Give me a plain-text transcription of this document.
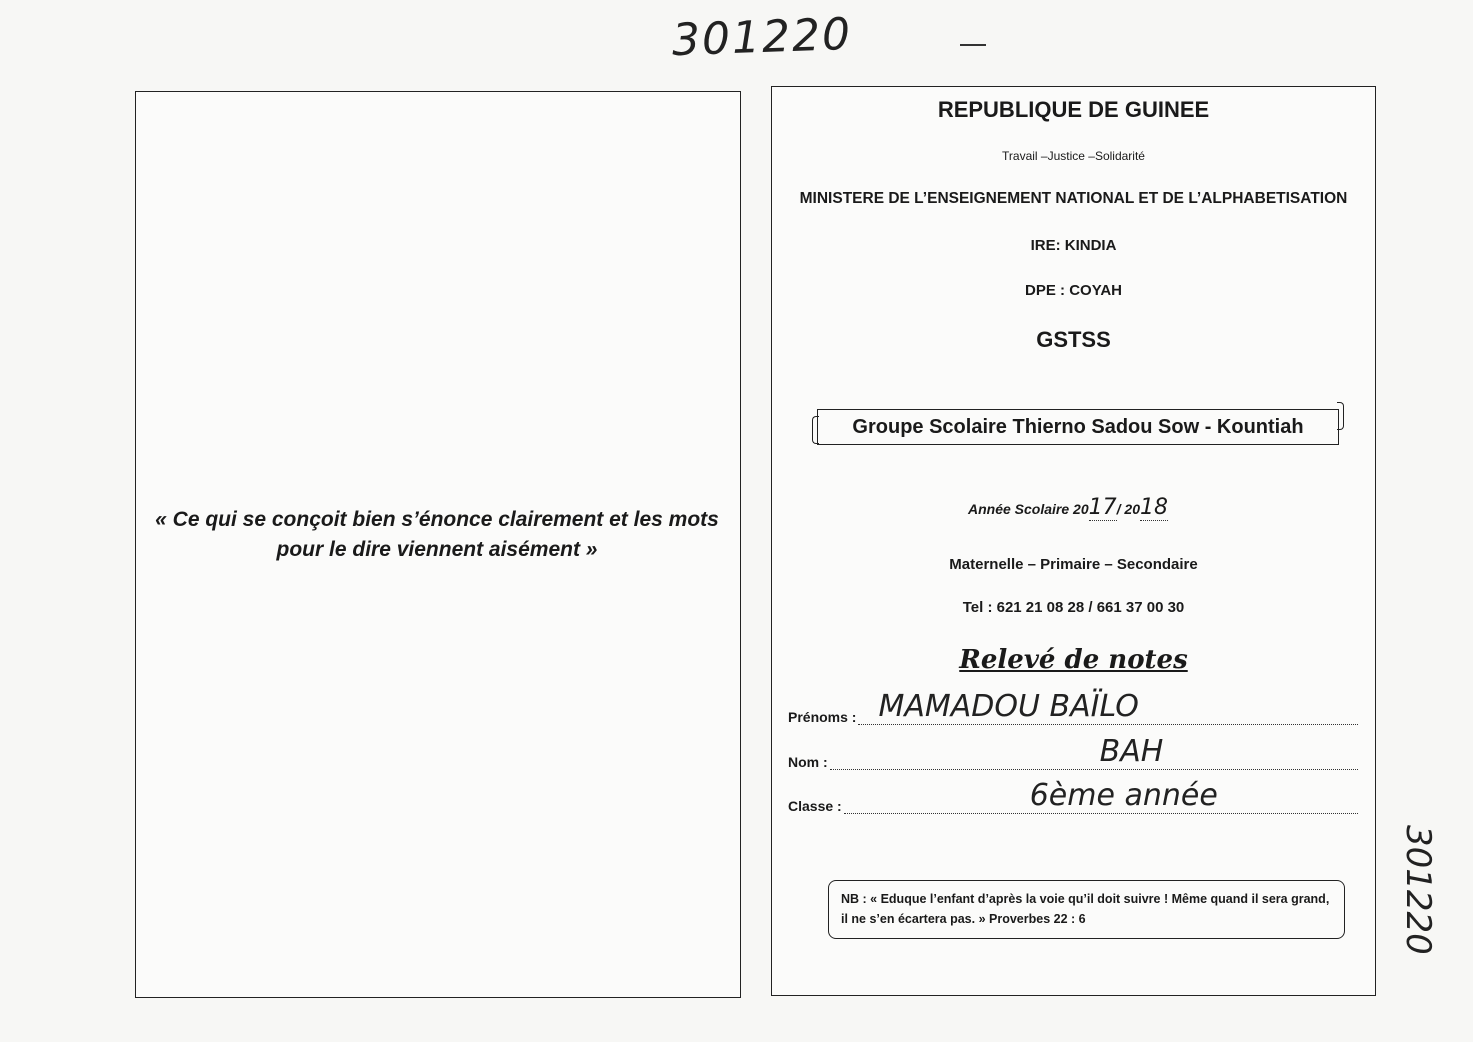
301220
301220
« Ce qui se conçoit bien s’énonce clairement et les mots pour le dire viennent aisément »
REPUBLIQUE DE GUINEE
Travail –Justice –Solidarité
MINISTERE DE L’ENSEIGNEMENT NATIONAL ET DE L’ALPHABETISATION
IRE: KINDIA
DPE : COYAH
GSTSS
Groupe Scolaire Thierno Sadou Sow - Kountiah
Année Scolaire 2017/ 2018
Maternelle – Primaire – Secondaire
Tel : 621 21 08 28 / 661 37 00 30
Relevé de notes
Prénoms : MAMADOU BAÏLO
Nom :	BAH
Classe :	6ème année
NB : « Eduque l’enfant d’après la voie qu’il doit suivre ! Même quand il sera grand, il ne s’en écartera pas. » Proverbes 22 : 6
